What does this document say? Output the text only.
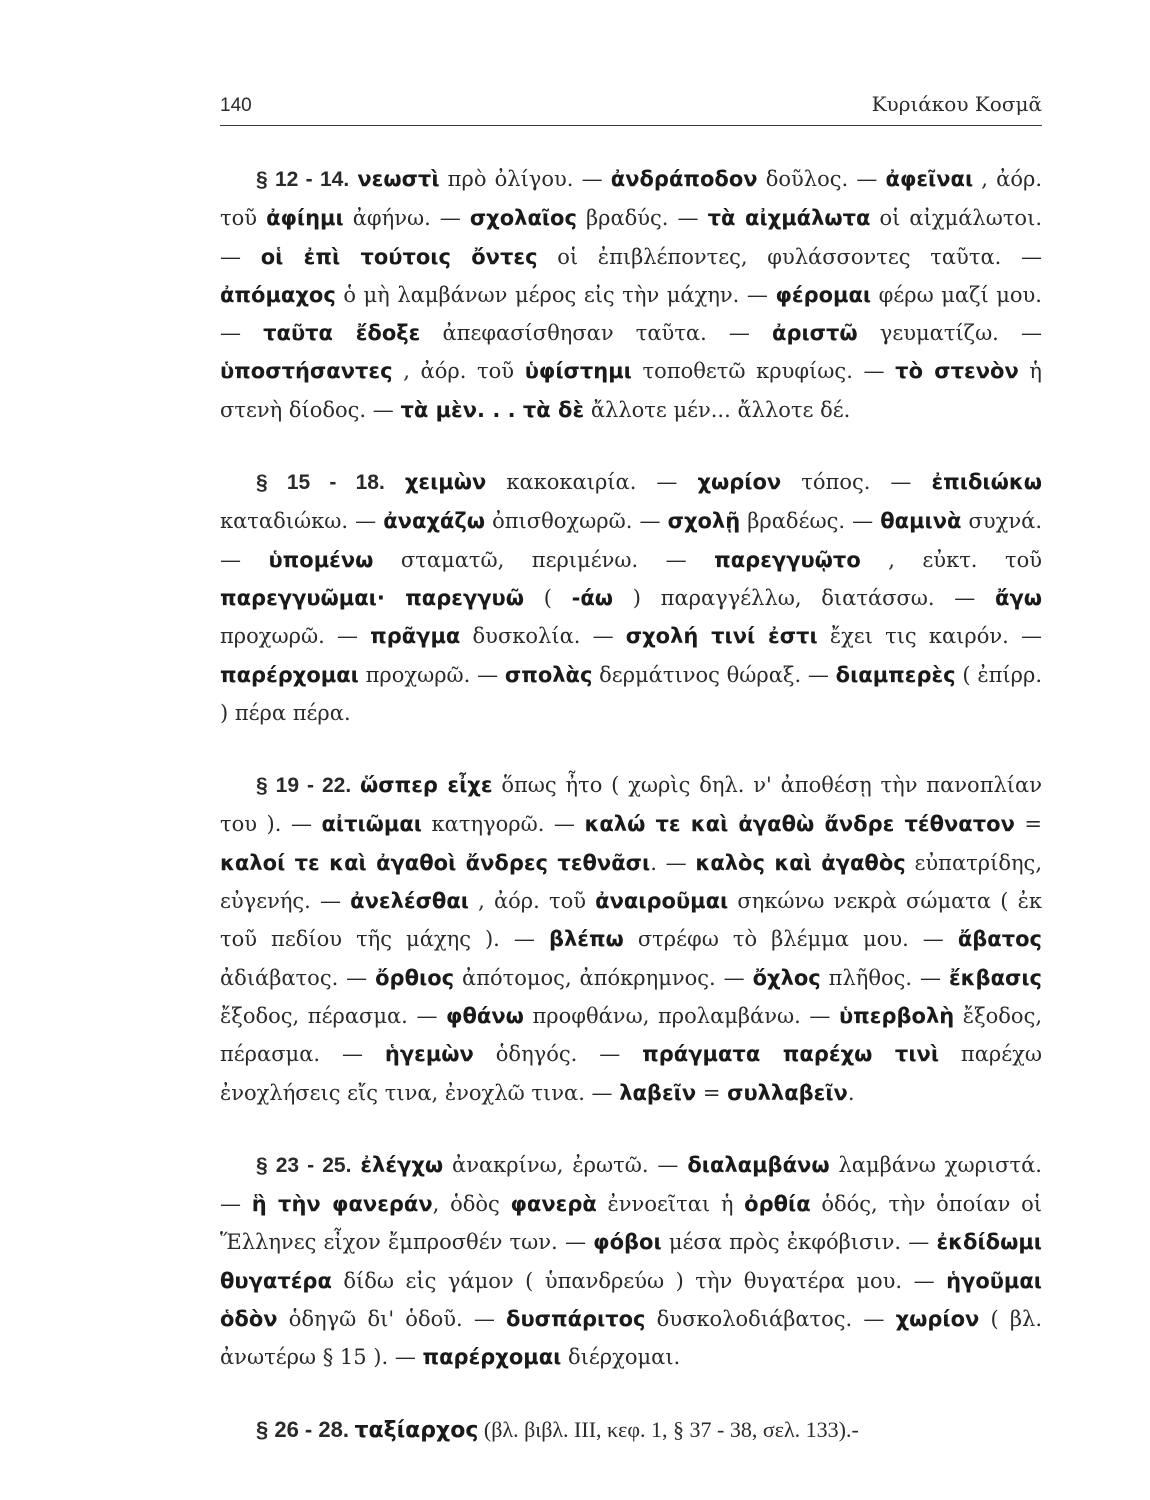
140	Κυριάκου Κοσμᾶ

§ 12 - 14. νεωστὶ πρὸ ὀλίγου. — ἀνδράποδον δοῦλος. — ἀφεῖναι , ἀόρ. τοῦ ἀφίημι ἀφήνω. — σχολαῖος βραδύς. — τὰ αἰχμάλωτα οἱ αἰχμάλωτοι. — οἱ ἐπὶ τούτοις ὄντες οἱ ἐπιβλέποντες, φυλάσσοντες ταῦτα. — ἀπόμαχος ὁ μὴ λαμβάνων μέρος εἰς τὴν μάχην. — φέρομαι φέρω μαζί μου. — ταῦτα ἔδοξε ἀπεφασίσθησαν ταῦτα. — ἀριστῶ γευματίζω. — ὑποστήσαντες , ἀόρ. τοῦ ὑφίστημι τοποθετῶ κρυφίως. — τὸ στενὸν ἡ στενὴ δίοδος. — τὰ μὲν. . . τὰ δὲ ἄλλοτε μέν... ἄλλοτε δέ.

§ 15 - 18. χειμὼν κακοκαιρία. — χωρίον τόπος. — ἐπιδιώκω καταδιώκω. — ἀναχάζω ὀπισθοχωρῶ. — σχολῇ βραδέως. — θαμινὰ συχνά. — ὑπομένω σταματῶ, περιμένω. — παρεγγυῷτο , εὐκτ. τοῦ παρεγγυῶμαι· παρεγγυῶ ( -άω ) παραγγέλλω, διατάσσω. — ἄγω προχωρῶ. — πρᾶγμα δυσκολία. — σχολή τινί ἐστι ἔχει τις καιρόν. — παρέρχομαι προχωρῶ. — σπολὰς δερμάτινος θώραξ. — διαμπερὲς ( ἐπίρρ. ) πέρα πέρα.

§ 19 - 22. ὥσπερ εἶχε ὅπως ἦτο ( χωρὶς δηλ. ν' ἀποθέσῃ τὴν πανοπλίαν του ). — αἰτιῶμαι κατηγορῶ. — καλώ τε καὶ ἀγαθὼ ἄνδρε τέθνατον = καλοί τε καὶ ἀγαθοὶ ἄνδρες τεθνᾶσι. — καλὸς καὶ ἀγαθὸς εὐπατρίδης, εὐγενής. — ἀνελέσθαι , ἀόρ. τοῦ ἀναιροῦμαι σηκώνω νεκρὰ σώματα ( ἐκ τοῦ πεδίου τῆς μάχης ). — βλέπω στρέφω τὸ βλέμμα μου. — ἄβατος ἀδιάβατος. — ὄρθιος ἀπότομος, ἀπόκρημνος. — ὄχλος πλῆθος. — ἔκβασις ἔξοδος, πέρασμα. — φθάνω προφθάνω, προλαμβάνω. — ὑπερβολὴ ἔξοδος, πέρασμα. — ἡγεμὼν ὁδηγός. — πράγματα παρέχω τινὶ παρέχω ἐνοχλήσεις εἴς τινα, ἐνοχλῶ τινα. — λαβεῖν = συλλαβεῖν.

§ 23 - 25. ἐλέγχω ἀνακρίνω, ἐρωτῶ. — διαλαμβάνω λαμβάνω χωριστά. — ἣ τὴν φανεράν, ὁδὸς φανερὰ ἐννοεῖται ἡ ὀρθία ὁδός, τὴν ὁποίαν οἱ Ἕλληνες εἶχον ἔμπροσθέν των. — φόβοι μέσα πρὸς ἐκφόβισιν. — ἐκδίδωμι θυγατέρα δίδω εἰς γάμον ( ὑπανδρεύω ) τὴν θυγατέρα μου. — ἡγοῦμαι ὁδὸν ὁδηγῶ δι' ὁδοῦ. — δυσπάριτος δυσκολοδιάβατος. — χωρίον ( βλ. ἀνωτέρω § 15 ). — παρέρχομαι διέρχομαι.

§ 26 - 28. ταξίαρχος (βλ. βιβλ. III, κεφ. 1, § 37 - 38, σελ. 133).-
